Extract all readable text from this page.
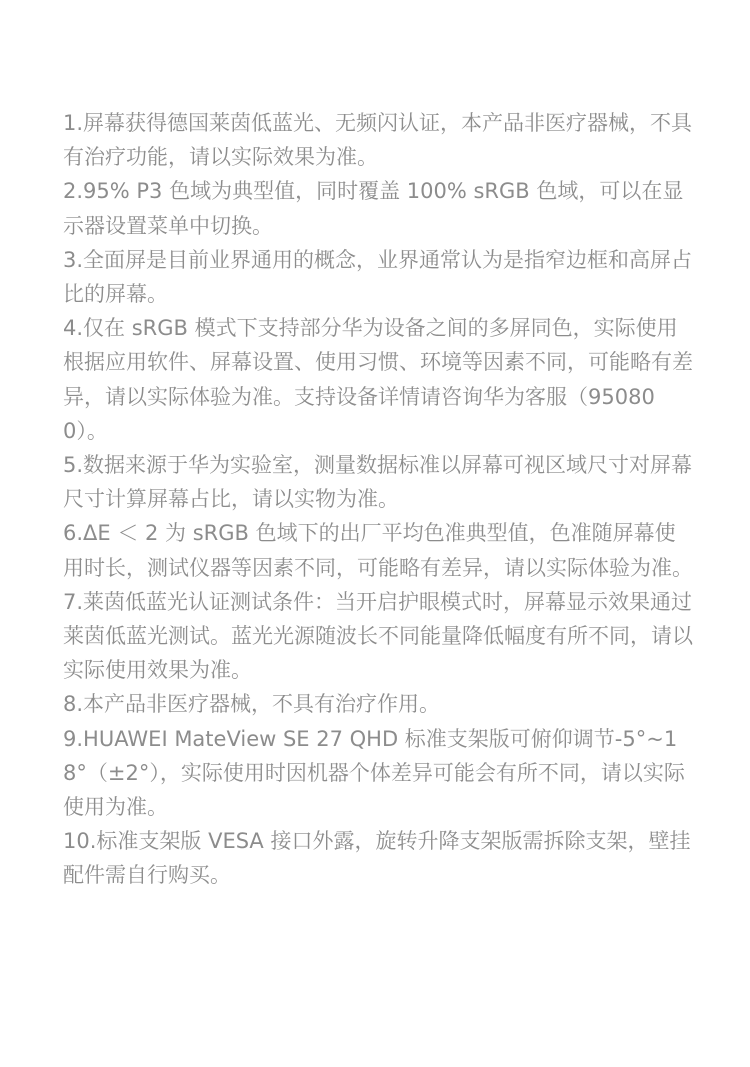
1.屏幕获得德国莱茵低蓝光、无频闪认证，本产品非医疗器械，不具有治疗功能，请以实际效果为准。
2.95% P3 色域为典型值，同时覆盖 100% sRGB 色域，可以在显示器设置菜单中切换。
3.全面屏是目前业界通用的概念，业界通常认为是指窄边框和高屏占比的屏幕。
4.仅在 sRGB 模式下支持部分华为设备之间的多屏同色，实际使用根据应用软件、屏幕设置、使用习惯、环境等因素不同，可能略有差异，请以实际体验为准。支持设备详情请咨询华为客服（950800）。
5.数据来源于华为实验室，测量数据标准以屏幕可视区域尺寸对屏幕尺寸计算屏幕占比，请以实物为准。
6.ΔE ＜ 2 为 sRGB 色域下的出厂平均色准典型值，色准随屏幕使用时长，测试仪器等因素不同，可能略有差异，请以实际体验为准。
7.莱茵低蓝光认证测试条件：当开启护眼模式时，屏幕显示效果通过莱茵低蓝光测试。蓝光光源随波长不同能量降低幅度有所不同，请以实际使用效果为准。
8.本产品非医疗器械，不具有治疗作用。
9.HUAWEI MateView SE 27 QHD 标准支架版可俯仰调节-5°~18°（±2°），实际使用时因机器个体差异可能会有所不同，请以实际使用为准。
10.标准支架版 VESA 接口外露，旋转升降支架版需拆除支架，壁挂配件需自行购买。
